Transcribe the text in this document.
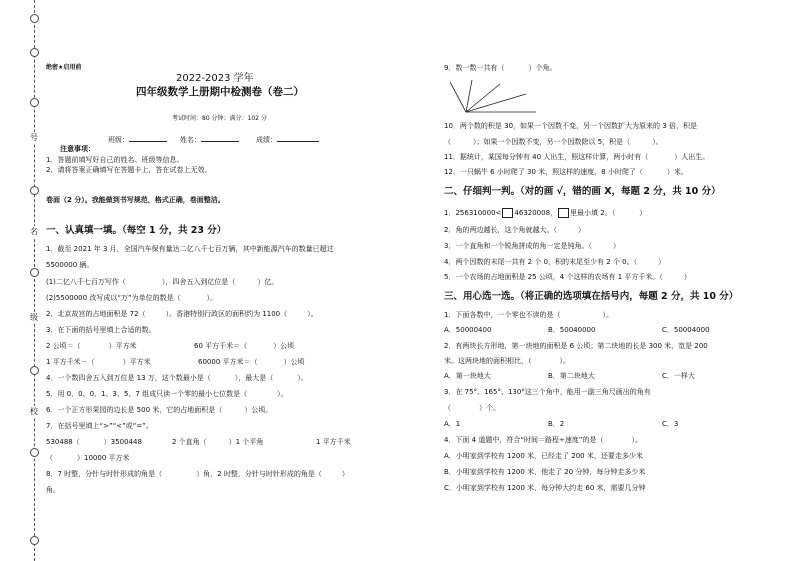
号
名
级
校
绝密★启用前
2022-2023 学年
四年级数学上册期中检测卷（卷二）
考试时间：80 分钟；满分：102 分
班级：	姓名：	成绩：
注意事项：
1．答题前填写好自己的姓名、班级等信息。
2．请将答案正确填写在答题卡上，答在试卷上无效。
卷面（2 分）。我能做到书写规范，格式正确，卷面整洁。
一、认真填一填。（每空 1 分，共 23 分）
1．截至 2021 年 3 月，全国汽车保有量达二亿八千七百万辆，其中新能源汽车的数量已超过
5500000 辆。
(1)二亿八千七百万写作（	），四舍五入到亿位是（	）亿。
(2)5500000 改写成以“万”为单位的数是（	）。
2．北京故宫的占地面积是 72（	）。香港特别行政区的面积约为 1100（	）。
3．在下面的括号里填上合适的数。
2 公顷＝（	）平方米	60 平方千米＝（	）公顷
1 平方千米－（	）平方米	60000 平方米＝（	）公顷
4．一个数四舍五入到万位是 13 万，这个数最小是（	），最大是（	）。
5．用 0、0、0、1、3、5、7 组成只读一个零的最小七位数是（	）。
6．一个正方形果园的边长是 500 米，它的占地面积是（	）公顷。
7．在括号里填上“>”“<”或“=”。
530488（	）3500448	2 个直角（	）1 个平角	1 平方千米
（	）10000 平方米
8．7 时整，分针与时针形成的角是（	）角，2 时整，分针与时针形成的角是（	）
角。
9．数一数一共有（	）个角。
10．两个数的积是 30，如果一个因数不变，另一个因数扩大为原来的 3 倍，积是
（	）；如果一个因数不变，另一个因数除以 5，积是（	）。
11．据统计，某国每分钟有 40 人出生，照这样计算，两小时有（	）人出生。
12．一只蜗牛 6 小时爬了 30 米，照这样的速度，8 小时爬了（	）米。
二、仔细判一判。（对的画 √，错的画 X，每题 2 分，共 10 分）
1．256310000< 46320008， 里最小填 2。（	）
2．角的两边越长，这个角就越大。（　　　）
3．一个直角和一个锐角拼成的角一定是钝角。（　　　）
4．两个因数的末尾一共有 2 个 0，积的末尾至少有 2 个 0。（　　　）
5．一个农场的占地面积是 25 公顷，4 个这样的农场有 1 平方千米。（　　　）
三、用心选一选。（将正确的选项填在括号内，每题 2 分，共 10 分）
1．下面各数中，一个零也不读的是（　　　　　　）。
A．50000400	B．50040000	C．50004000
2．有两块长方形地，第一块地的面积是 6 公顷；第二块地的长是 300 米，宽是 200
米。这两块地的面积相比，（　　　　）。
A．第一块地大	B．第二块地大	C．一样大
3．在 75°、165°、130°这三个角中，能用一副三角尺画出的角有
（　　　　）个。
A．1	B．2	C．3
4．下面 4 道题中，符合“时间＝路程÷速度”的是（　　　　）。
A．小明家到学校有 1200 米，已经走了 200 米，还要走多少米
B．小明家到学校有 1200 米，他走了 20 分钟，每分钟走多少米
C．小明家到学校有 1200 米，每分钟大约走 60 米，需要几分钟
